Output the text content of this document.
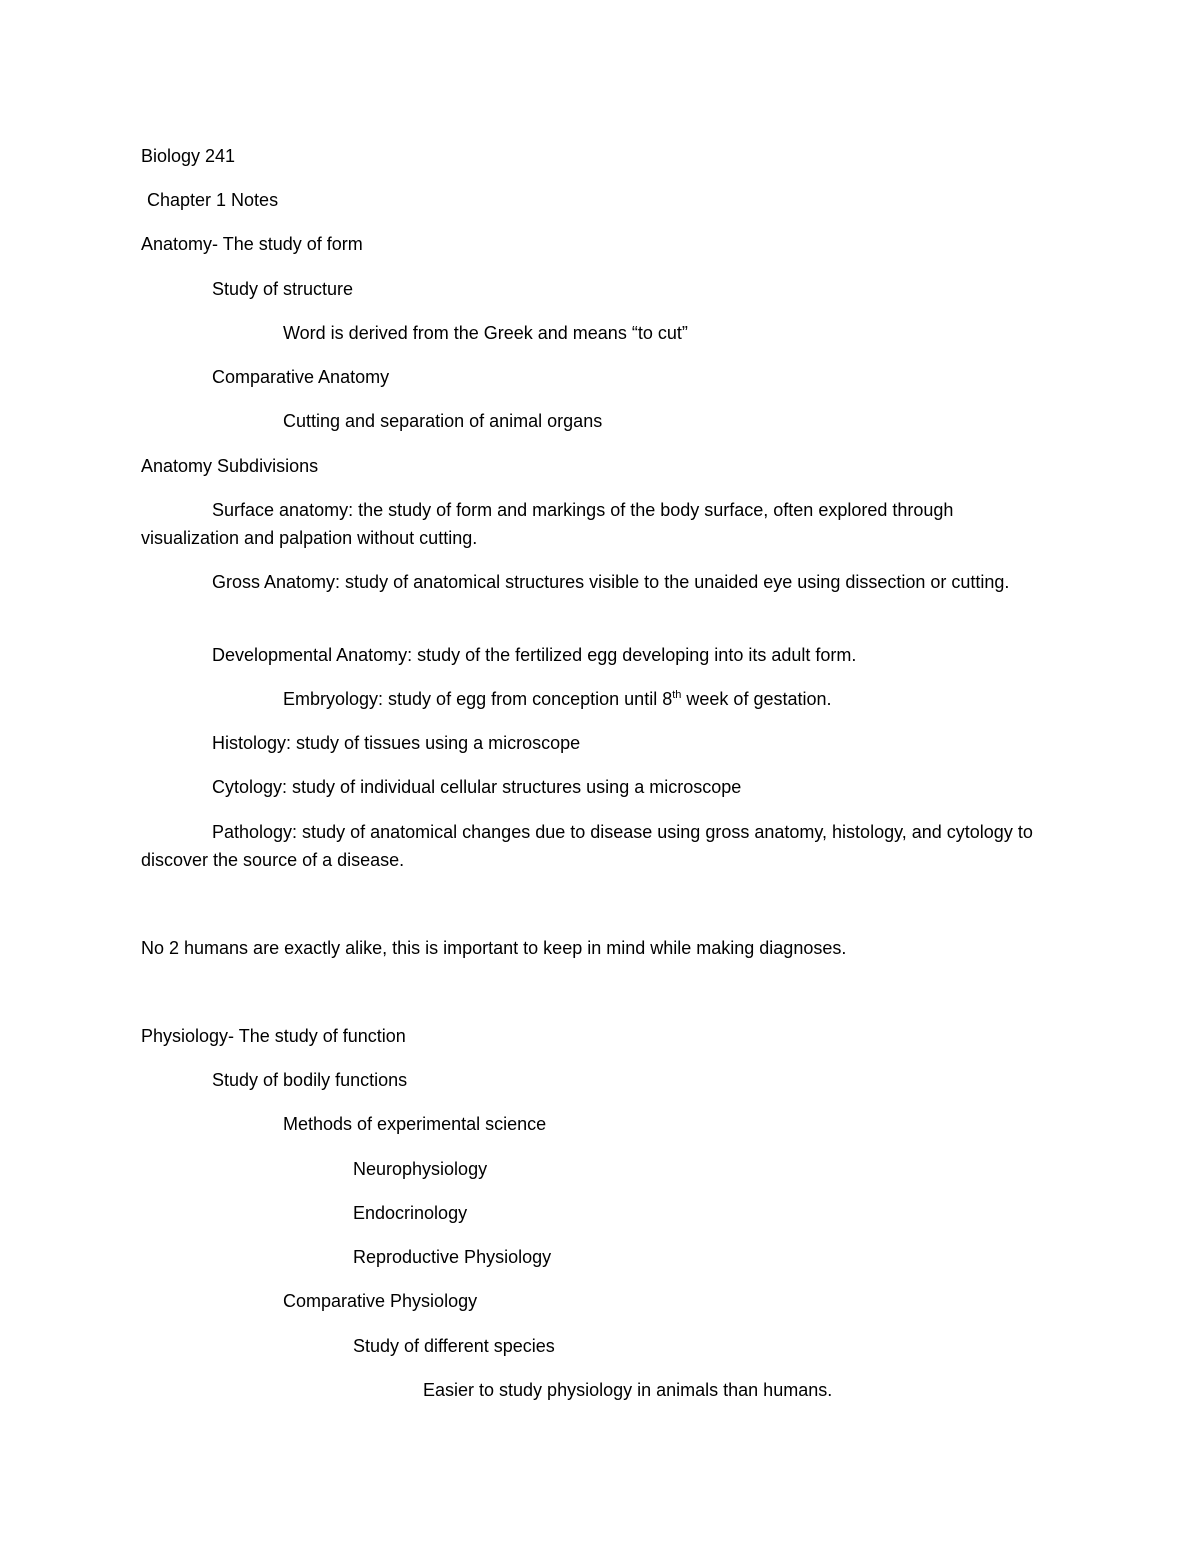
Biology 241
Chapter 1 Notes
Anatomy- The study of form
Study of structure
Word is derived from the Greek and means “to cut”
Comparative Anatomy
Cutting and separation of animal organs
Anatomy Subdivisions
Surface anatomy: the study of form and markings of the body surface, often explored through visualization and palpation without cutting.
Gross Anatomy: study of anatomical structures visible to the unaided eye using dissection or cutting.
Developmental Anatomy: study of the fertilized egg developing into its adult form.
Embryology: study of egg from conception until 8th week of gestation.
Histology: study of tissues using a microscope
Cytology: study of individual cellular structures using a microscope
Pathology: study of anatomical changes due to disease using gross anatomy, histology, and cytology to discover the source of a disease.
No 2 humans are exactly alike, this is important to keep in mind while making diagnoses.
Physiology- The study of function
Study of bodily functions
Methods of experimental science
Neurophysiology
Endocrinology
Reproductive Physiology
Comparative Physiology
Study of different species
Easier to study physiology in animals than humans.
